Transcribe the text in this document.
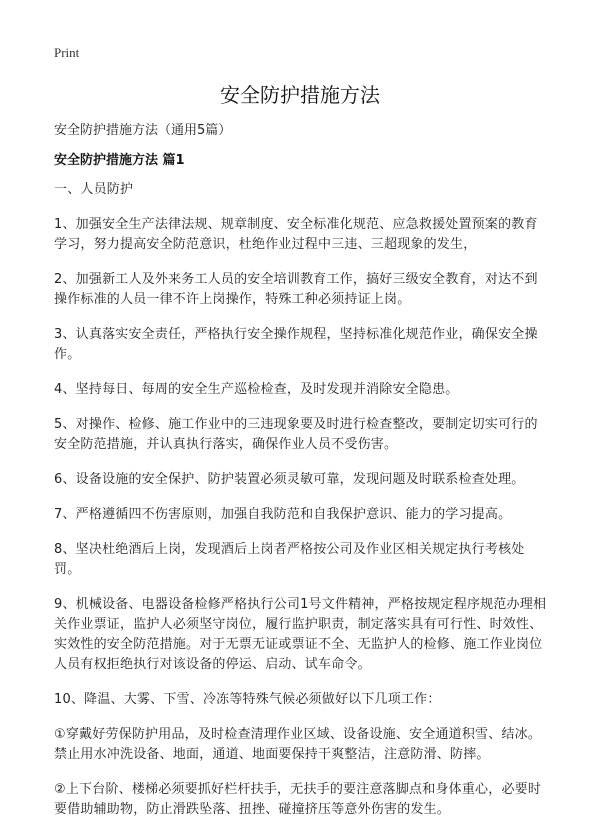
Print
安全防护措施方法
安全防护措施方法（通用5篇）
安全防护措施方法 篇1

一、人员防护

1、加强安全生产法律法规、规章制度、安全标准化规范、应急救援处置预案的教育学习，努力提高安全防范意识，杜绝作业过程中三违、三超现象的发生，

2、加强新工人及外来务工人员的安全培训教育工作，搞好三级安全教育，对达不到操作标准的人员一律不许上岗操作，特殊工种必须持证上岗。

3、认真落实安全责任，严格执行安全操作规程，坚持标准化规范作业，确保安全操作。

4、坚持每日、每周的安全生产巡检检查，及时发现并消除安全隐患。

5、对操作、检修、施工作业中的三违现象要及时进行检查整改，要制定切实可行的安全防范措施，并认真执行落实，确保作业人员不受伤害。

6、设备设施的安全保护、防护装置必须灵敏可靠，发现问题及时联系检查处理。

7、严格遵循四不伤害原则，加强自我防范和自我保护意识、能力的学习提高。

8、坚决杜绝酒后上岗，发现酒后上岗者严格按公司及作业区相关规定执行考核处罚。

9、机械设备、电器设备检修严格执行公司1号文件精神，严格按规定程序规范办理相关作业票证，监护人必须坚守岗位，履行监护职责，制定落实具有可行性、时效性、实效性的安全防范措施。对于无票无证或票证不全、无监护人的检修、施工作业岗位人员有权拒绝执行对该设备的停运、启动、试车命令。

10、降温、大雾、下雪、冷冻等特殊气候必须做好以下几项工作：

①穿戴好劳保防护用品，及时检查清理作业区域、设备设施、安全通道积雪、结冰。禁止用水冲洗设备、地面，通道、地面要保持干爽整洁，注意防滑、防摔。

②上下台阶、楼梯必须要抓好栏杆扶手，无扶手的要注意落脚点和身体重心，必要时要借助辅助物，防止滑跌坠落、扭挫、碰撞挤压等意外伤害的发生。
